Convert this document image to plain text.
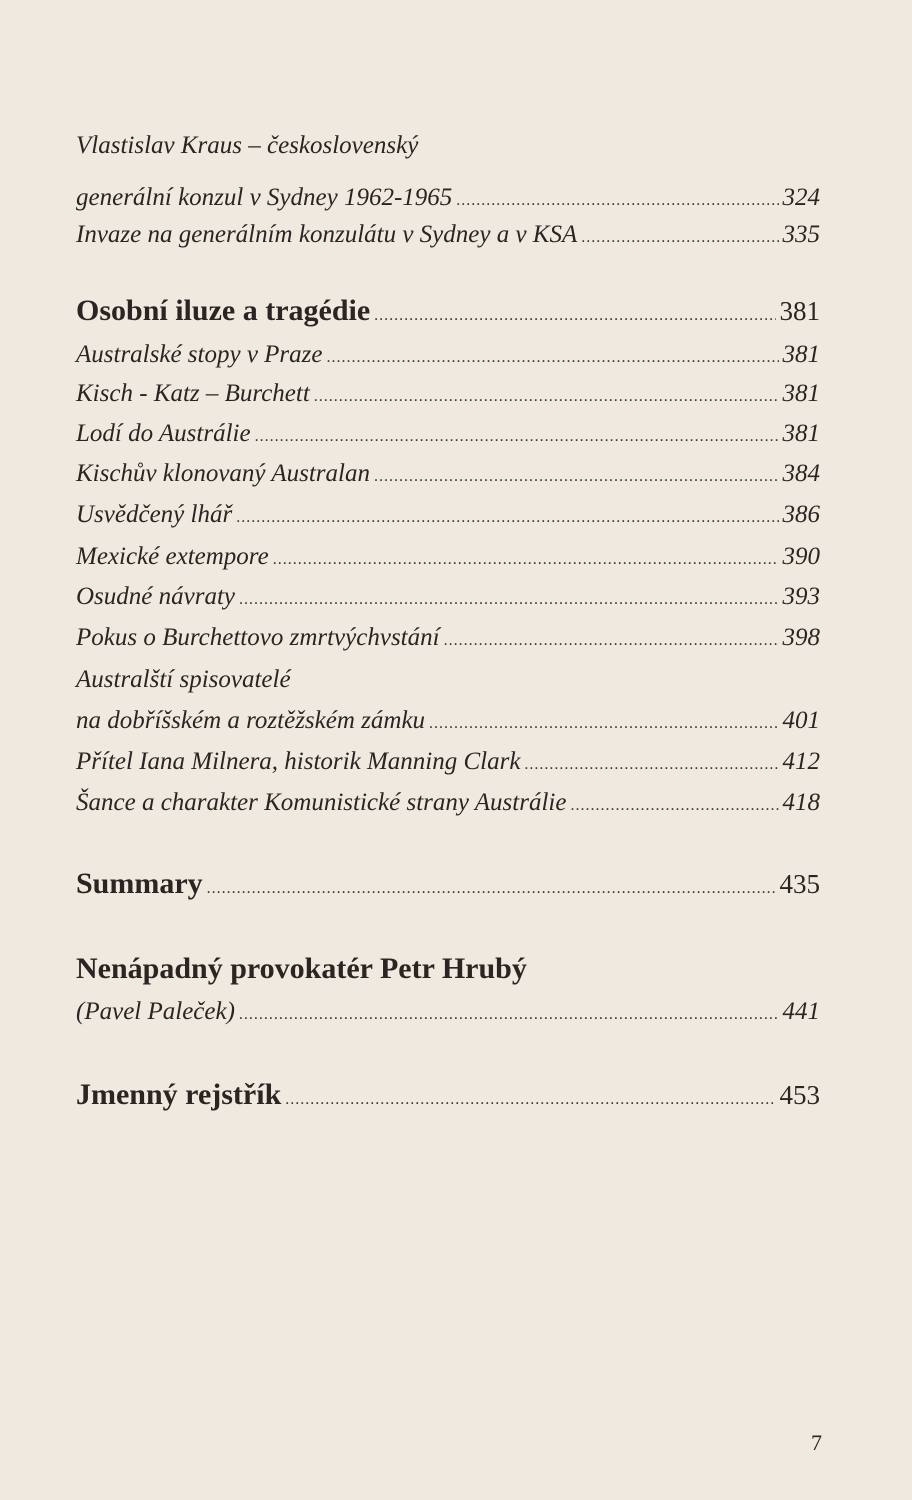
Vlastislav Kraus – československý
generální konzul v Sydney 1962-1965 .....	324
Invaze na generálním konzulátu v Sydney a v KSA .....	335
Osobní iluze a tragédie .....	381
Australské stopy v Praze .....	381
Kisch - Katz – Burchett .....	381
Lodí do Austrálie .....	381
Kischův klonovaný Australan .....	384
Usvědčený lhář .....	386
Mexické extempore .....	390
Osudné návraty .....	393
Pokus o Burchettovo zmrtvýchvstání .....	398
Australští spisovatelé
na dobříšském a roztěžském zámku .....	401
Přítel Iana Milnera, historik Manning Clark .....	412
Šance a charakter Komunistické strany Austrálie .....	418
Summary .....	435
Nenápadný provokatér Petr Hrubý
(Pavel Paleček) .....	441
Jmenný rejstřík .....	453
7
